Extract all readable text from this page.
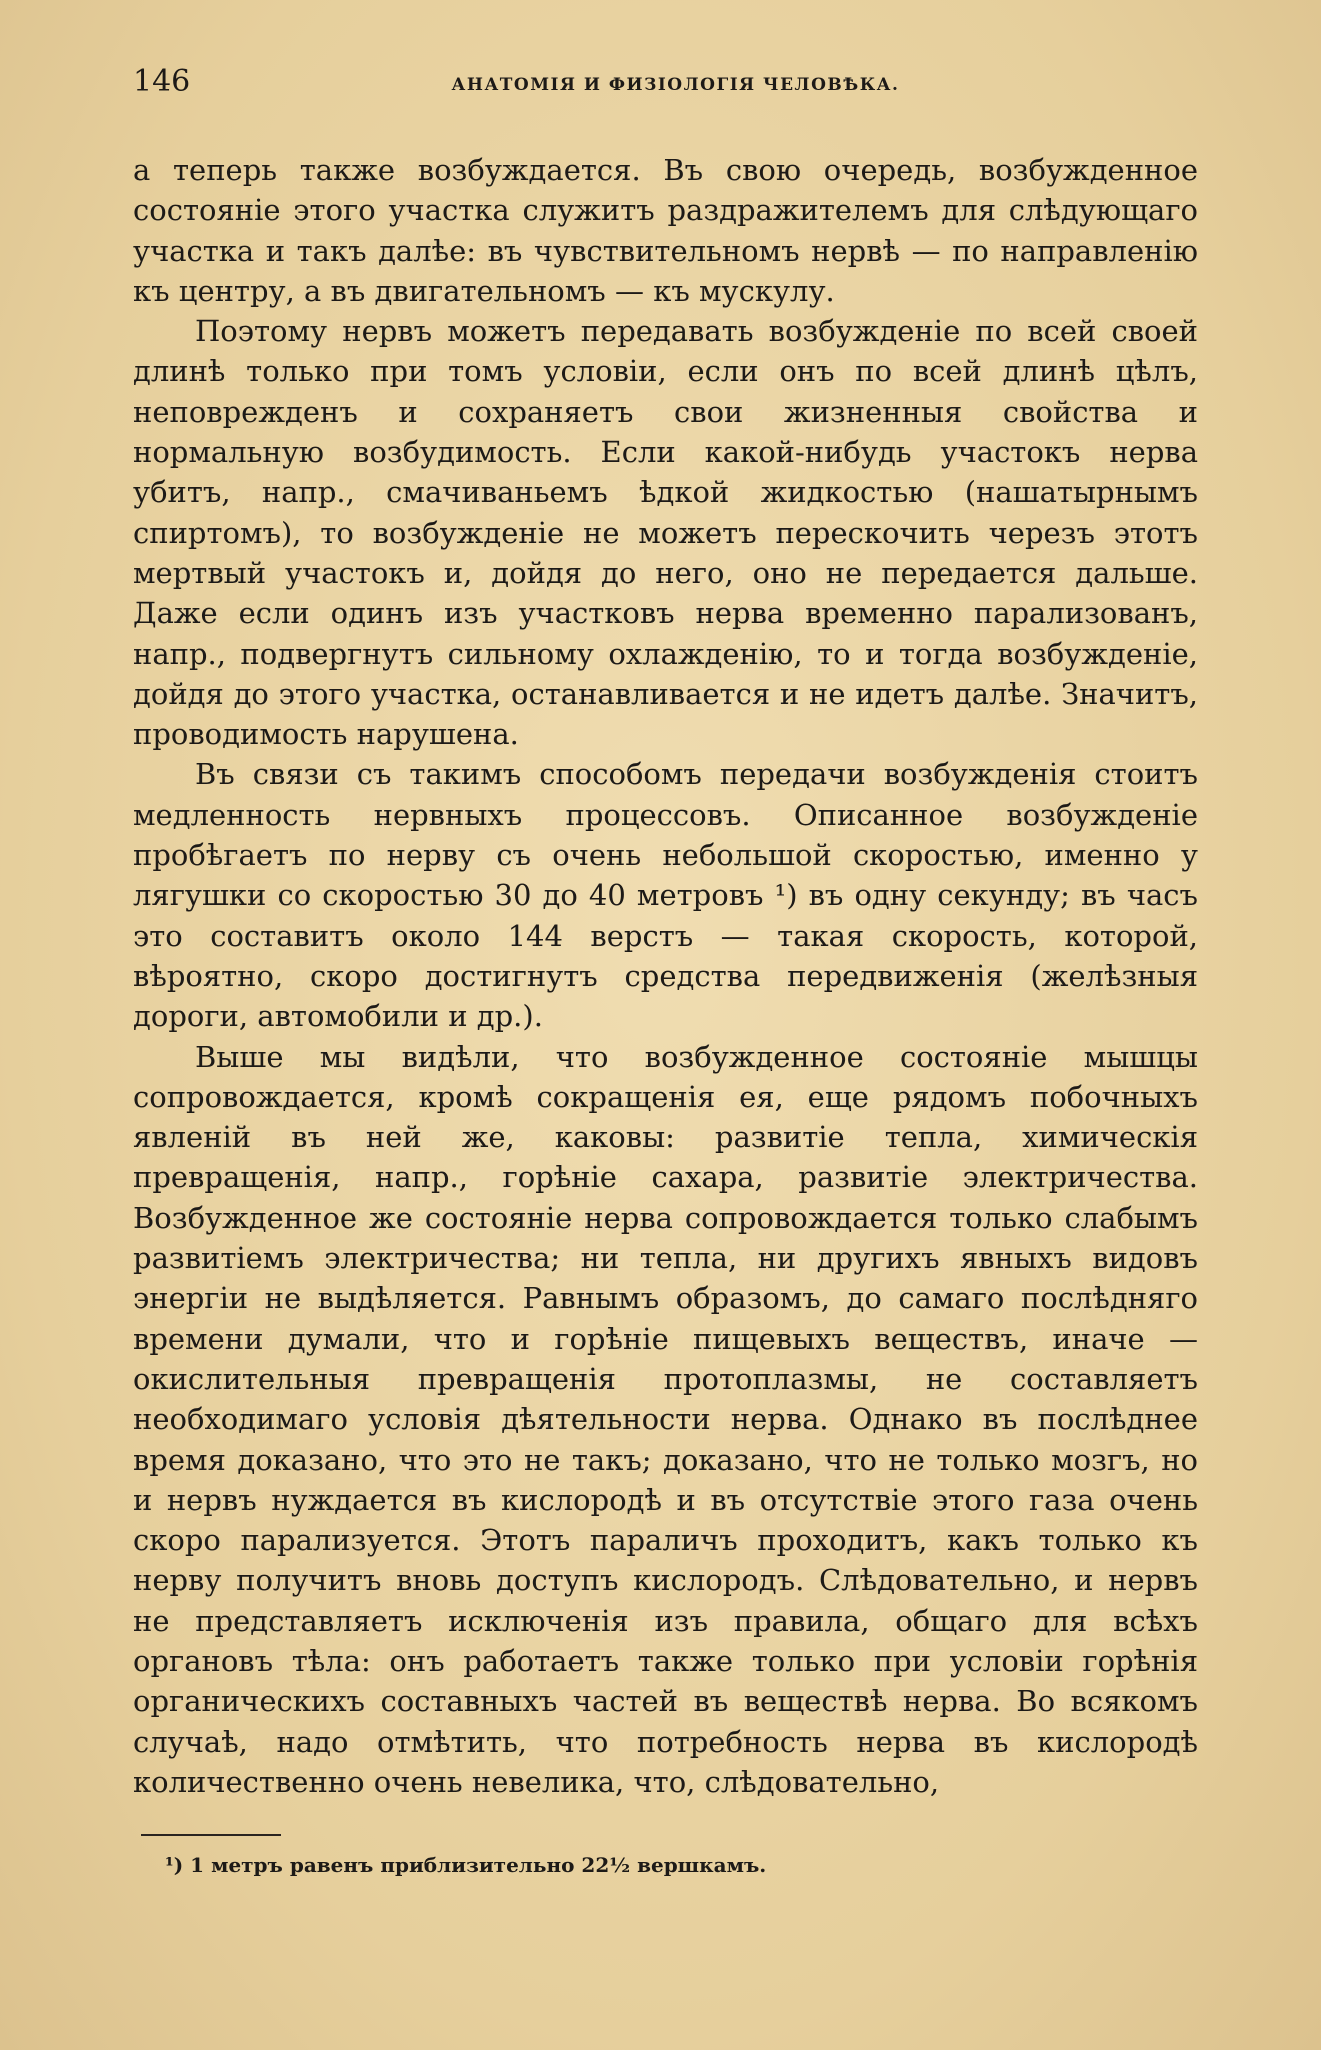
146	АНАТОМІЯ И ФИЗІОЛОГІЯ ЧЕЛОВѢКА.

а теперь также возбуждается. Въ свою очередь, возбужденное состояніе этого участка служитъ раздражителемъ для слѣдующаго участка и такъ далѣе: въ чувствительномъ нервѣ — по направленію къ центру, а въ двигательномъ — къ мускулу.

Поэтому нервъ можетъ передавать возбужденіе по всей своей длинѣ только при томъ условіи, если онъ по всей длинѣ цѣлъ, неповрежденъ и сохраняетъ свои жизненныя свойства и нормальную возбудимость. Если какой-нибудь участокъ нерва убитъ, напр., смачиваньемъ ѣдкой жидкостью (нашатырнымъ спиртомъ), то возбужденіе не можетъ перескочить черезъ этотъ мертвый участокъ и, дойдя до него, оно не передается дальше. Даже если одинъ изъ участковъ нерва временно парализованъ, напр., подвергнутъ сильному охлажденію, то и тогда возбужденіе, дойдя до этого участка, останавливается и не идетъ далѣе. Значитъ, проводимость нарушена.

Въ связи съ такимъ способомъ передачи возбужденія стоитъ медленность нервныхъ процессовъ. Описанное возбужденіе пробѣгаетъ по нерву съ очень небольшой скоростью, именно у лягушки со скоростью 30 до 40 метровъ ¹) въ одну секунду; въ часъ это составитъ около 144 верстъ — такая скорость, которой, вѣроятно, скоро достигнутъ средства передвиженія (желѣзныя дороги, автомобили и др.).

Выше мы видѣли, что возбужденное состояніе мышцы сопровождается, кромѣ сокращенія ея, еще рядомъ побочныхъ явленій въ ней же, каковы: развитіе тепла, химическія превращенія, напр., горѣніе сахара, развитіе электричества. Возбужденное же состояніе нерва сопровождается только слабымъ развитіемъ электричества; ни тепла, ни другихъ явныхъ видовъ энергіи не выдѣляется. Равнымъ образомъ, до самаго послѣдняго времени думали, что и горѣніе пищевыхъ веществъ, иначе — окислительныя превращенія протоплазмы, не составляетъ необходимаго условія дѣятельности нерва. Однако въ послѣднее время доказано, что это не такъ; доказано, что не только мозгъ, но и нервъ нуждается въ кислородѣ и въ отсутствіе этого газа очень скоро парализуется. Этотъ параличъ проходитъ, какъ только къ нерву получитъ вновь доступъ кислородъ. Слѣдовательно, и нервъ не представляетъ исключенія изъ правила, общаго для всѣхъ органовъ тѣла: онъ работаетъ также только при условіи горѣнія органическихъ составныхъ частей въ веществѣ нерва. Во всякомъ случаѣ, надо отмѣтить, что потребность нерва въ кислородѣ количественно очень невелика, что, слѣдовательно,

¹) 1 метръ равенъ приблизительно 22½ вершкамъ.
